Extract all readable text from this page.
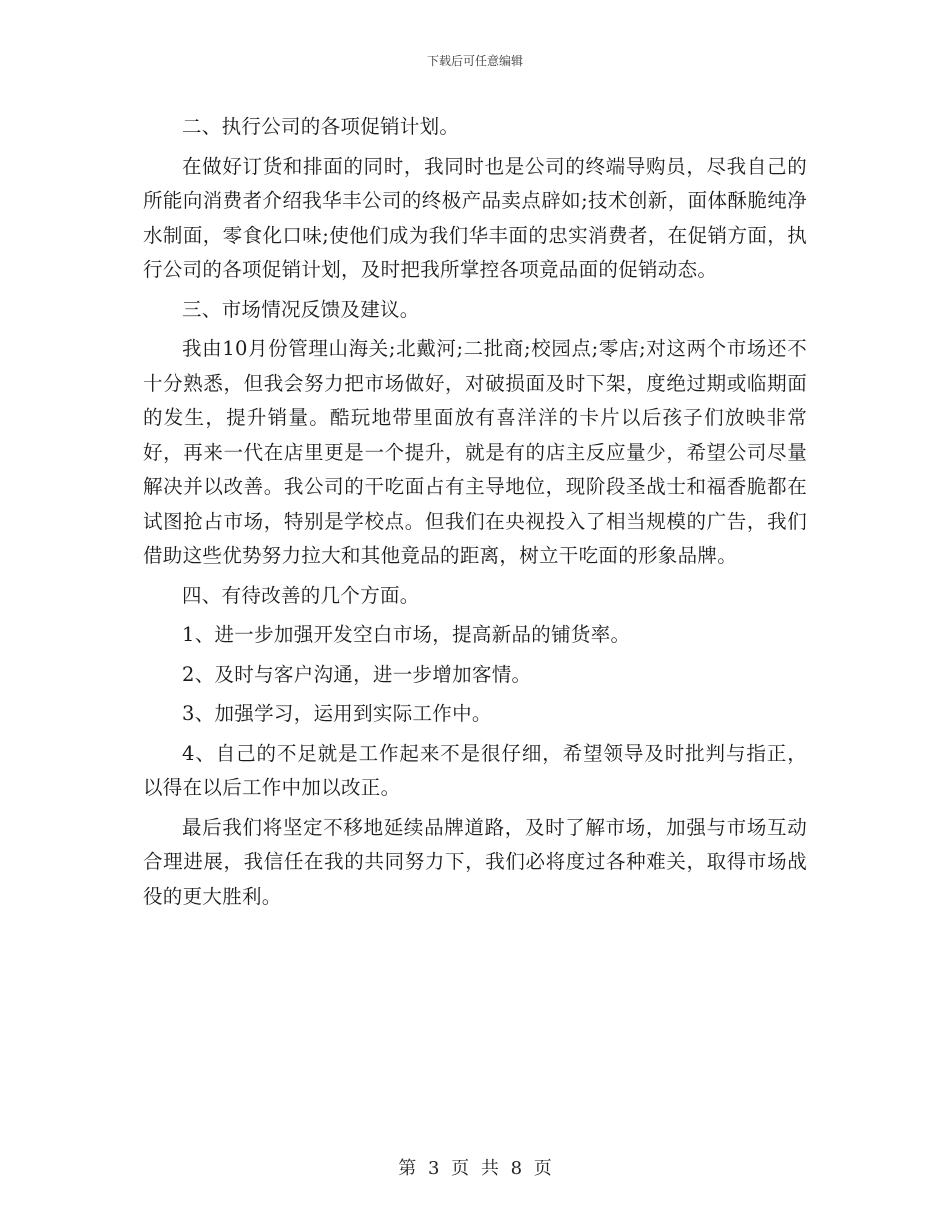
下载后可任意编辑

二、执行公司的各项促销计划。

在做好订货和排面的同时，我同时也是公司的终端导购员，尽我自己的所能向消费者介绍我华丰公司的终极产品卖点辟如;技术创新，面体酥脆纯净水制面，零食化口味;使他们成为我们华丰面的忠实消费者，在促销方面，执行公司的各项促销计划，及时把我所掌控各项竟品面的促销动态。

三、市场情况反馈及建议。

我由10月份管理山海关;北戴河;二批商;校园点;零店;对这两个市场还不十分熟悉，但我会努力把市场做好，对破损面及时下架，度绝过期或临期面的发生，提升销量。酷玩地带里面放有喜洋洋的卡片以后孩子们放映非常好，再来一代在店里更是一个提升，就是有的店主反应量少，希望公司尽量解决并以改善。我公司的干吃面占有主导地位，现阶段圣战士和福香脆都在试图抢占市场，特别是学校点。但我们在央视投入了相当规模的广告，我们借助这些优势努力拉大和其他竟品的距离，树立干吃面的形象品牌。

四、有待改善的几个方面。

1、进一步加强开发空白市场，提高新品的铺货率。

2、及时与客户沟通，进一步增加客情。

3、加强学习，运用到实际工作中。

4、自己的不足就是工作起来不是很仔细，希望领导及时批判与指正，以得在以后工作中加以改正。

最后我们将坚定不移地延续品牌道路，及时了解市场，加强与市场互动合理进展，我信任在我的共同努力下，我们必将度过各种难关，取得市场战役的更大胜利。

第 3 页 共 8 页
